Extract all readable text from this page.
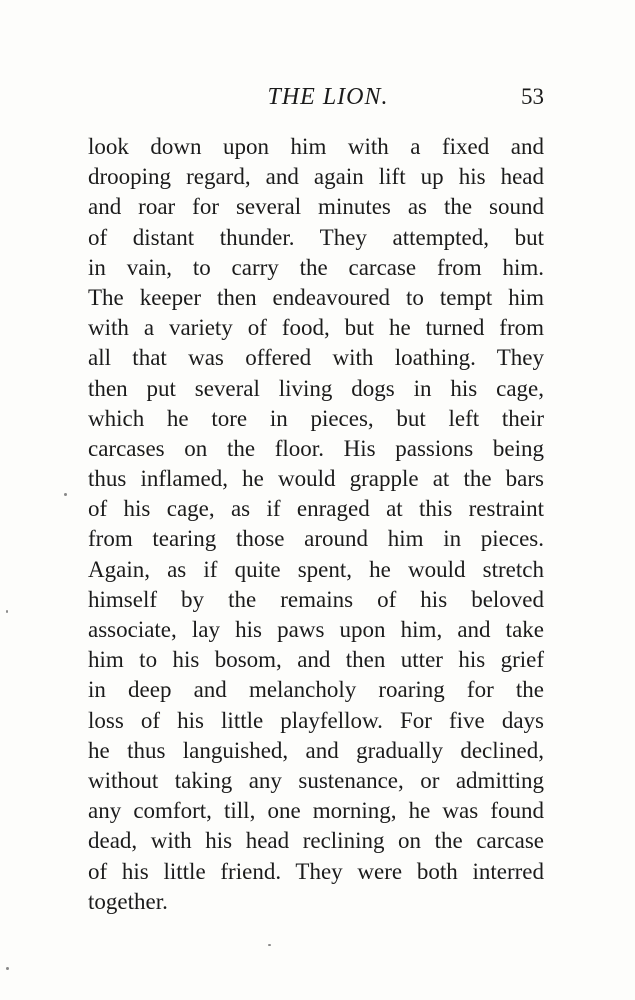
THE LION.	53
look down upon him with a fixed and
drooping regard, and again lift up his head
and roar for several minutes as the sound
of distant thunder. They attempted, but
in vain, to carry the carcase from him.
The keeper then endeavoured to tempt him
with a variety of food, but he turned from
all that was offered with loathing. They
then put several living dogs in his cage,
which he tore in pieces, but left their
carcases on the floor. His passions being
thus inflamed, he would grapple at the bars
of his cage, as if enraged at this restraint
from tearing those around him in pieces.
Again, as if quite spent, he would stretch
himself by the remains of his beloved
associate, lay his paws upon him, and take
him to his bosom, and then utter his grief
in deep and melancholy roaring for the
loss of his little playfellow. For five days
he thus languished, and gradually declined,
without taking any sustenance, or admitting
any comfort, till, one morning, he was found
dead, with his head reclining on the carcase
of his little friend. They were both interred
together.
